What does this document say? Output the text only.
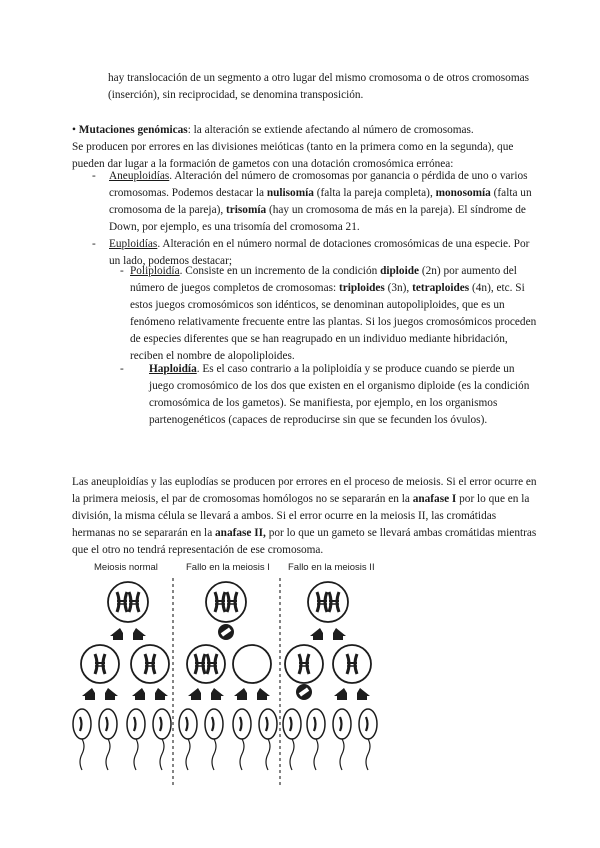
hay translocación de un segmento a otro lugar del mismo cromosoma o de otros cromosomas (inserción), sin reciprocidad, se denomina transposición.
• Mutaciones genómicas: la alteración se extiende afectando al número de cromosomas.
Se producen por errores en las divisiones meióticas (tanto en la primera como en la segunda), que pueden dar lugar a la formación de gametos con una dotación cromosómica errónea:
- Aneuploidías. Alteración del número de cromosomas por ganancia o pérdida de uno o varios cromosomas. Podemos destacar la nulisomía (falta la pareja completa), monosomía (falta un cromosoma de la pareja), trisomía (hay un cromosoma de más en la pareja). El síndrome de Down, por ejemplo, es una trisomía del cromosoma 21.
- Euploidías. Alteración en el número normal de dotaciones cromosómicas de una especie. Por un lado, podemos destacar;
- Poliploidía. Consiste en un incremento de la condición diploide (2n) por aumento del número de juegos completos de cromosomas: triploides (3n), tetraploides (4n), etc. Si estos juegos cromosómicos son idénticos, se denominan autopoliploides, que es un fenómeno relativamente frecuente entre las plantas. Si los juegos cromosómicos proceden de especies diferentes que se han reagrupado en un individuo mediante hibridación, reciben el nombre de alopoliploides.
- Haploidía. Es el caso contrario a la poliploidía y se produce cuando se pierde un juego cromosómico de los dos que existen en el organismo diploide (es la condición cromosómica de los gametos). Se manifiesta, por ejemplo, en los organismos partenogenéticos (capaces de reproducirse sin que se fecunden los óvulos).
Las aneuploidías y las euplodías se producen por errores en el proceso de meiosis. Si el error ocurre en la primera meiosis, el par de cromosomas homólogos no se separarán en la anafase I por lo que en la división, la misma célula se llevará a ambos. Si el error ocurre en la meiosis II, las cromátidas hermanas no se separarán en la anafase II, por lo que un gameto se llevará ambas cromátidas mientras que el otro no tendrá representación de ese cromosoma.
Meiosis normal	Fallo en la meiosis I Fallo en la meiosis II
